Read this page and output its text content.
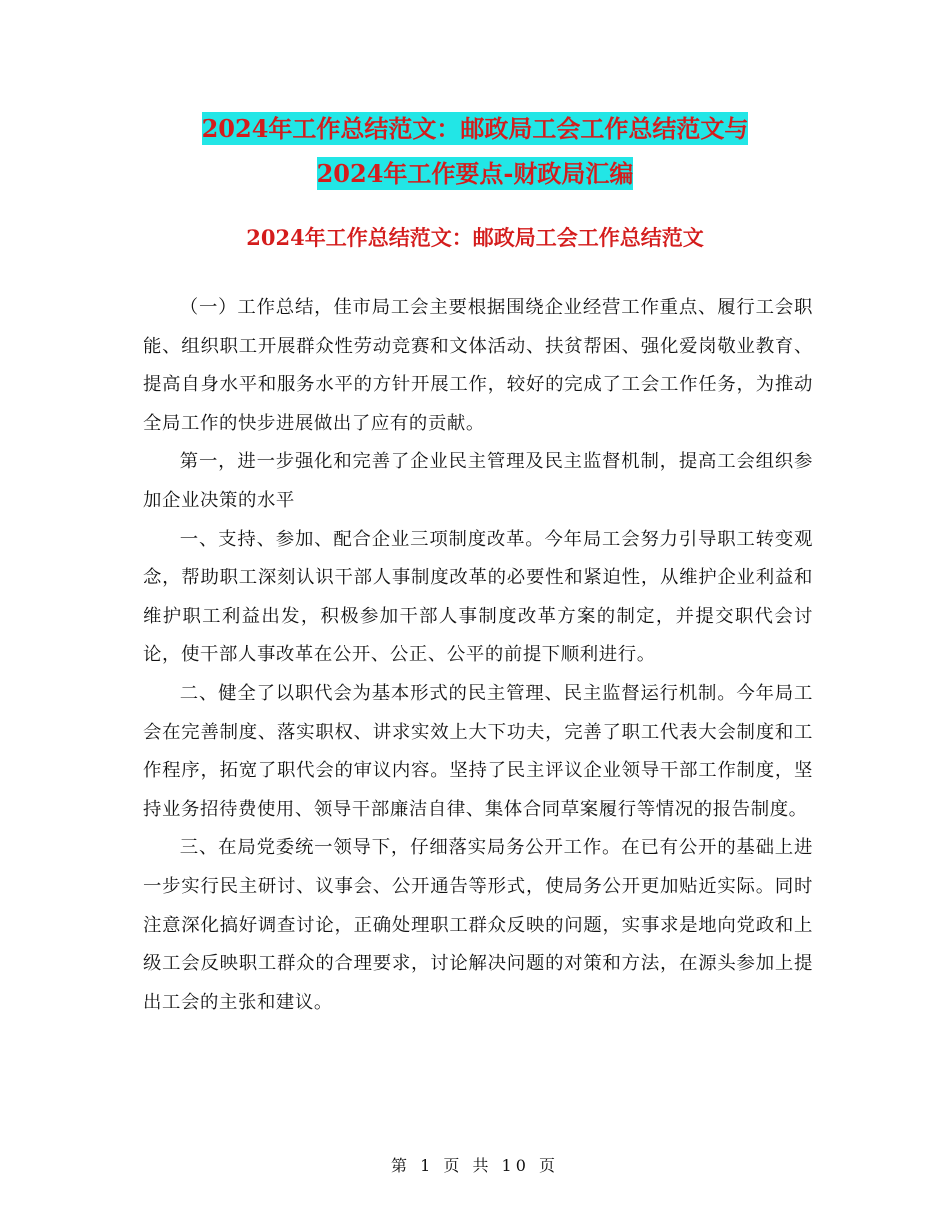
2024年工作总结范文：邮政局工会工作总结范文与
2024年工作要点-财政局汇编
2024年工作总结范文：邮政局工会工作总结范文

（一）工作总结，佳市局工会主要根据围绕企业经营工作重点、履行工会职能、组织职工开展群众性劳动竞赛和文体活动、扶贫帮困、强化爱岗敬业教育、提高自身水平和服务水平的方针开展工作，较好的完成了工会工作任务，为推动全局工作的快步进展做出了应有的贡献。

第一，进一步强化和完善了企业民主管理及民主监督机制，提高工会组织参加企业决策的水平

一、支持、参加、配合企业三项制度改革。今年局工会努力引导职工转变观念，帮助职工深刻认识干部人事制度改革的必要性和紧迫性，从维护企业利益和维护职工利益出发，积极参加干部人事制度改革方案的制定，并提交职代会讨论，使干部人事改革在公开、公正、公平的前提下顺利进行。

二、健全了以职代会为基本形式的民主管理、民主监督运行机制。今年局工会在完善制度、落实职权、讲求实效上大下功夫，完善了职工代表大会制度和工作程序，拓宽了职代会的审议内容。坚持了民主评议企业领导干部工作制度，坚持业务招待费使用、领导干部廉洁自律、集体合同草案履行等情况的报告制度。

三、在局党委统一领导下，仔细落实局务公开工作。在已有公开的基础上进一步实行民主研讨、议事会、公开通告等形式，使局务公开更加贴近实际。同时注意深化搞好调查讨论，正确处理职工群众反映的问题，实事求是地向党政和上级工会反映职工群众的合理要求，讨论解决问题的对策和方法，在源头参加上提出工会的主张和建议。

第 1 页 共 10 页
